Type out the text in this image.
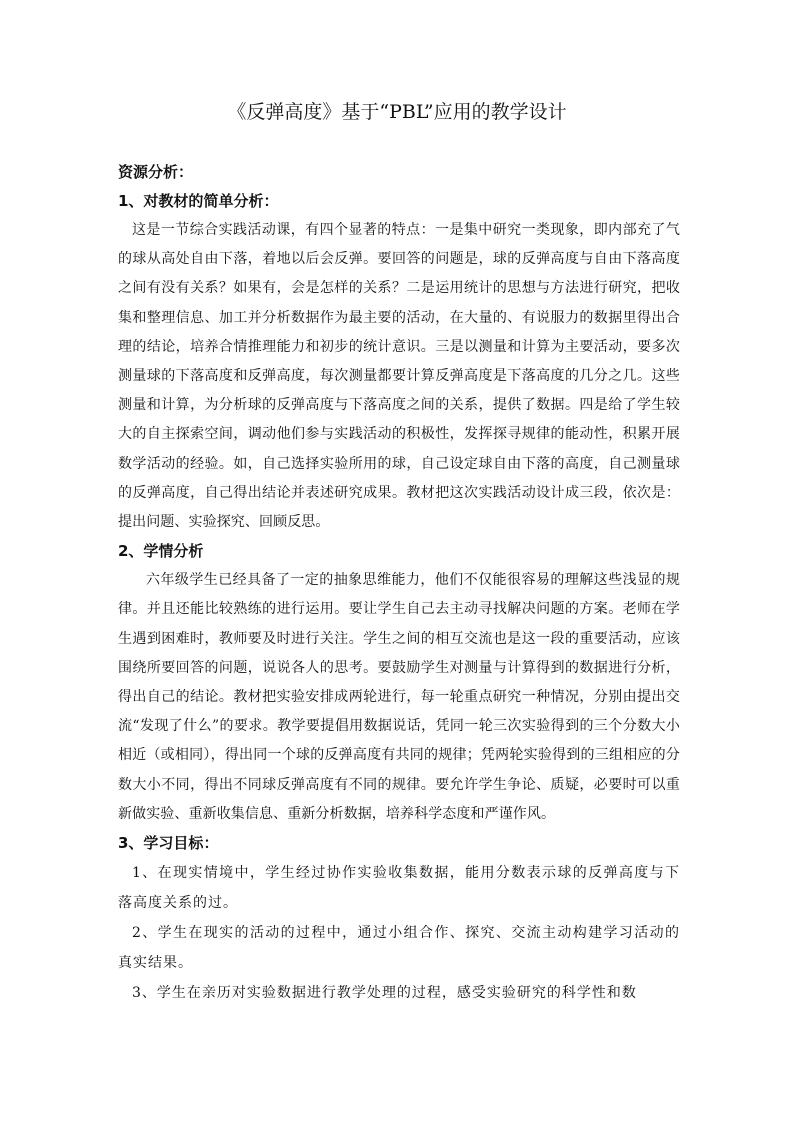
《反弹高度》基于“PBL”应用的教学设计

资源分析：

1、对教材的简单分析：

这是一节综合实践活动课，有四个显著的特点：一是集中研究一类现象，即内部充了气的球从高处自由下落，着地以后会反弹。要回答的问题是，球的反弹高度与自由下落高度之间有没有关系？如果有，会是怎样的关系？二是运用统计的思想与方法进行研究，把收集和整理信息、加工并分析数据作为最主要的活动，在大量的、有说服力的数据里得出合理的结论，培养合情推理能力和初步的统计意识。三是以测量和计算为主要活动，要多次测量球的下落高度和反弹高度，每次测量都要计算反弹高度是下落高度的几分之几。这些测量和计算，为分析球的反弹高度与下落高度之间的关系，提供了数据。四是给了学生较大的自主探索空间，调动他们参与实践活动的积极性，发挥探寻规律的能动性，积累开展数学活动的经验。如，自己选择实验所用的球，自己设定球自由下落的高度，自己测量球的反弹高度，自己得出结论并表述研究成果。教材把这次实践活动设计成三段，依次是：提出问题、实验探究、回顾反思。

2、学情分析

六年级学生已经具备了一定的抽象思维能力，他们不仅能很容易的理解这些浅显的规律。并且还能比较熟练的进行运用。要让学生自己去主动寻找解决问题的方案。老师在学生遇到困难时，教师要及时进行关注。学生之间的相互交流也是这一段的重要活动，应该围绕所要回答的问题，说说各人的思考。要鼓励学生对测量与计算得到的数据进行分析，得出自己的结论。教材把实验安排成两轮进行，每一轮重点研究一种情况，分别由提出交流“发现了什么”的要求。教学要提倡用数据说话，凭同一轮三次实验得到的三个分数大小相近（或相同），得出同一个球的反弹高度有共同的规律；凭两轮实验得到的三组相应的分数大小不同，得出不同球反弹高度有不同的规律。要允许学生争论、质疑，必要时可以重新做实验、重新收集信息、重新分析数据，培养科学态度和严谨作风。

3、学习目标：

1、在现实情境中，学生经过协作实验收集数据，能用分数表示球的反弹高度与下落高度关系的过。

2、学生在现实的活动的过程中，通过小组合作、探究、交流主动构建学习活动的真实结果。

3、学生在亲历对实验数据进行教学处理的过程，感受实验研究的科学性和数
